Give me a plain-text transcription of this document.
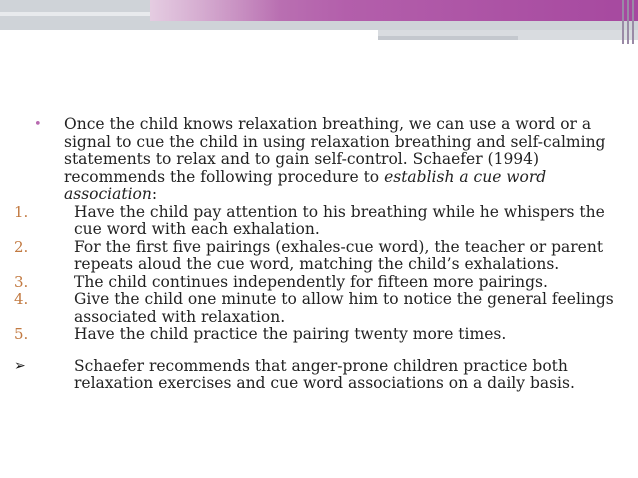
•	Once the child knows relaxation breathing, we can use a word or a signal to cue the child in using relaxation breathing and self-calming statements to relax and to gain self-control. Schaefer (1994) recommends the following procedure to establish a cue word association:
1.	Have the child pay attention to his breathing while he whispers the cue word with each exhalation.
2.	For the first five pairings (exhales-cue word), the teacher or parent repeats aloud the cue word, matching the child’s exhalations.
3.	The child continues independently for fifteen more pairings.
4.	Give the child one minute to allow him to notice the general feelings associated with relaxation.
5.	Have the child practice the pairing twenty more times.
➢	Schaefer recommends that anger-prone children practice both relaxation exercises and cue word associations on a daily basis.
